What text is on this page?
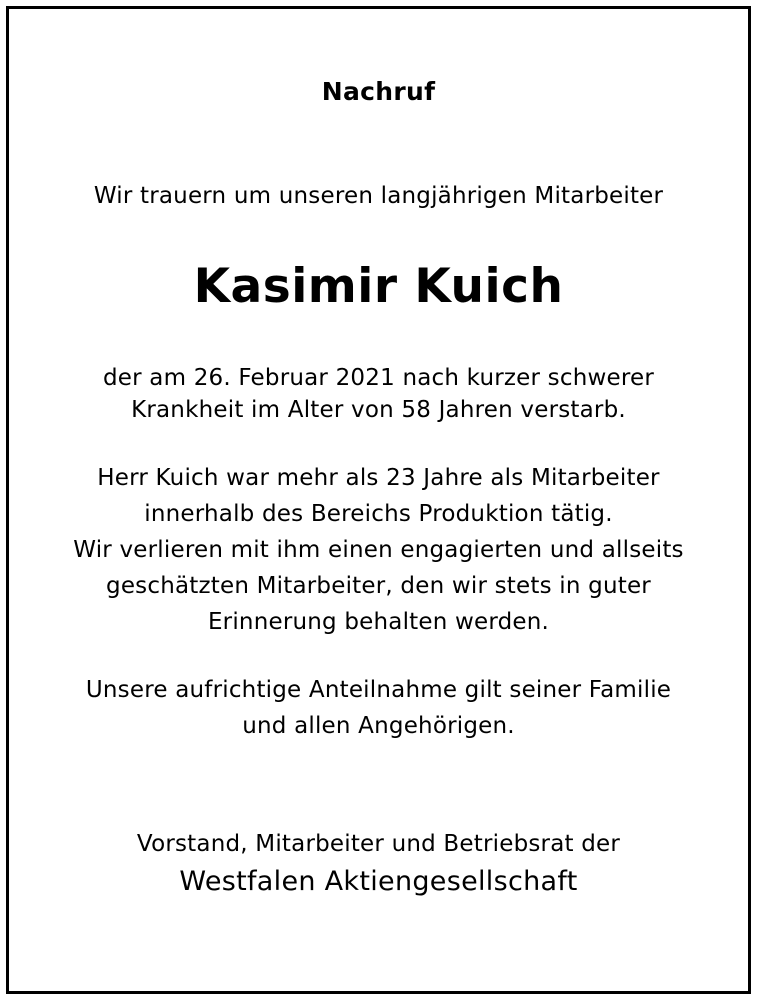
Nachruf
Wir trauern um unseren langjährigen Mitarbeiter
Kasimir Kuich
der am 26. Februar 2021 nach kurzer schwerer
Krankheit im Alter von 58 Jahren verstarb.
Herr Kuich war mehr als 23 Jahre als Mitarbeiter
innerhalb des Bereichs Produktion tätig.
Wir verlieren mit ihm einen engagierten und allseits
geschätzten Mitarbeiter, den wir stets in guter
Erinnerung behalten werden.
Unsere aufrichtige Anteilnahme gilt seiner Familie
und allen Angehörigen.
Vorstand, Mitarbeiter und Betriebsrat der
Westfalen Aktiengesellschaft
